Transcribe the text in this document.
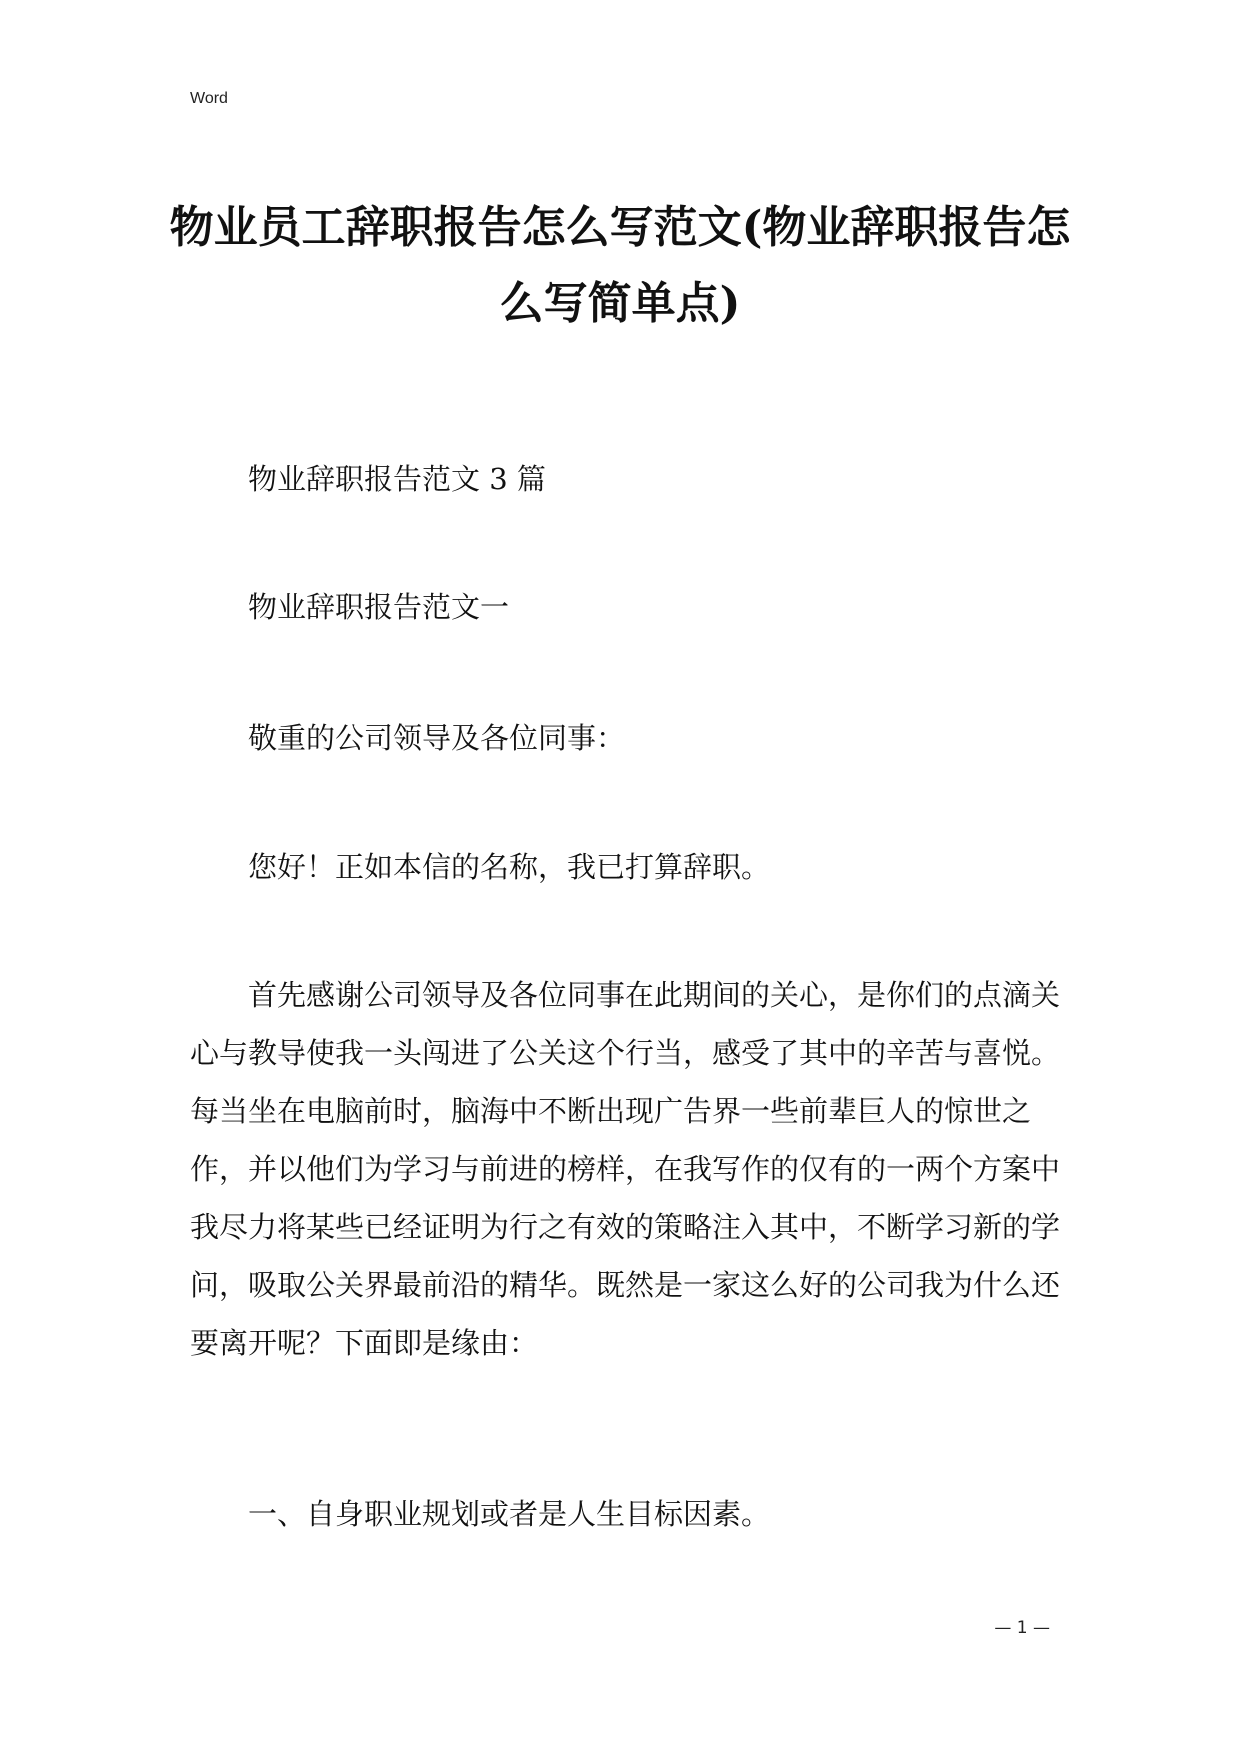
Word
物业员工辞职报告怎么写范文(物业辞职报告怎么写简单点)

物业辞职报告范文 3 篇

物业辞职报告范文一

敬重的公司领导及各位同事：

您好！正如本信的名称，我已打算辞职。

首先感谢公司领导及各位同事在此期间的关心，是你们的点滴关心与教导使我一头闯进了公关这个行当，感受了其中的辛苦与喜悦。每当坐在电脑前时，脑海中不断出现广告界一些前辈巨人的惊世之作，并以他们为学习与前进的榜样，在我写作的仅有的一两个方案中我尽力将某些已经证明为行之有效的策略注入其中，不断学习新的学问，吸取公关界最前沿的精华。既然是一家这么好的公司我为什么还要离开呢？下面即是缘由：

一、自身职业规划或者是人生目标因素。

— 1 —
